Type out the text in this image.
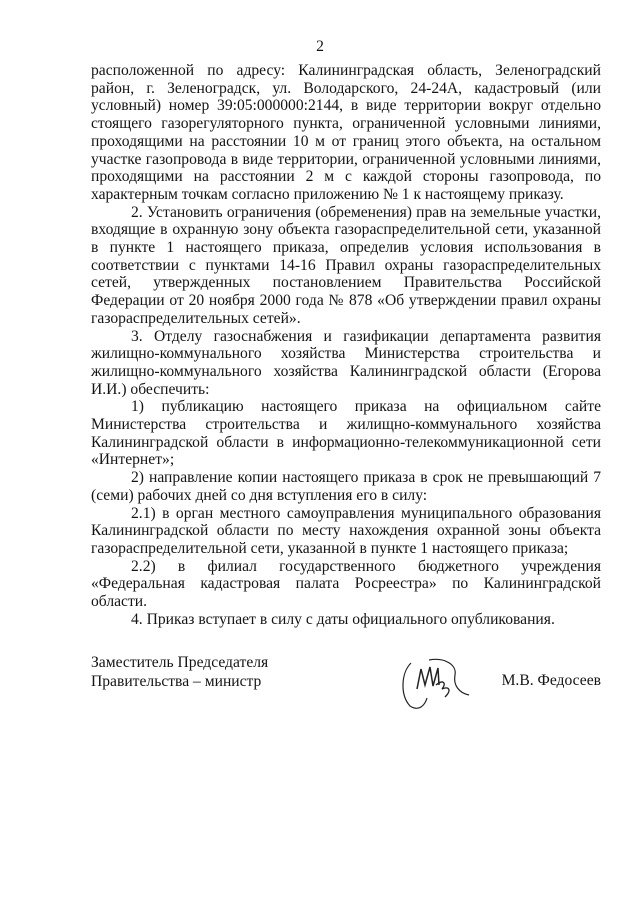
2

расположенной по адресу: Калининградская область, Зеленоградский район, г. Зеленоградск, ул. Володарского, 24-24А, кадастровый (или условный) номер 39:05:000000:2144, в виде территории вокруг отдельно стоящего газорегуляторного пункта, ограниченной условными линиями, проходящими на расстоянии 10 м от границ этого объекта, на остальном участке газопровода в виде территории, ограниченной условными линиями, проходящими на расстоянии 2 м с каждой стороны газопровода, по характерным точкам согласно приложению № 1 к настоящему приказу.

2. Установить ограничения (обременения) прав на земельные участки, входящие в охранную зону объекта газораспределительной сети, указанной в пункте 1 настоящего приказа, определив условия использования в соответствии с пунктами 14-16 Правил охраны газораспределительных сетей, утвержденных постановлением Правительства Российской Федерации от 20 ноября 2000 года № 878 «Об утверждении правил охраны газораспределительных сетей».

3. Отделу газоснабжения и газификации департамента развития жилищно-коммунального хозяйства Министерства строительства и жилищно-коммунального хозяйства Калининградской области (Егорова И.И.) обеспечить:

1) публикацию настоящего приказа на официальном сайте Министерства строительства и жилищно-коммунального хозяйства Калининградской области в информационно-телекоммуникационной сети «Интернет»;

2) направление копии настоящего приказа в срок не превышающий 7 (семи) рабочих дней со дня вступления его в силу:

2.1) в орган местного самоуправления муниципального образования Калининградской области по месту нахождения охранной зоны объекта газораспределительной сети, указанной в пункте 1 настоящего приказа;

2.2) в филиал государственного бюджетного учреждения «Федеральная кадастровая палата Росреестра» по Калининградской области.

4. Приказ вступает в силу с даты официального опубликования.

Заместитель Председателя Правительства – министр	М.В. Федосеев
